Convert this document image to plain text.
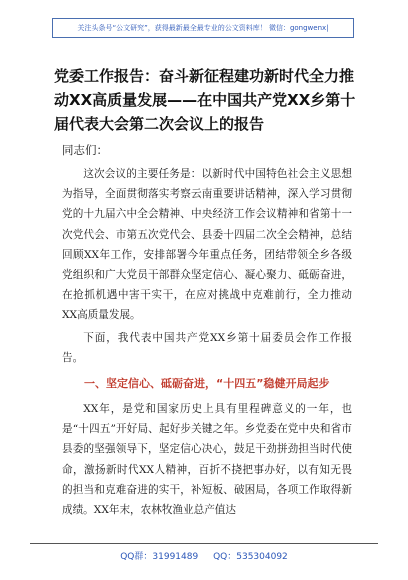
关注头条号“公文研究”，获得最新最全最专业的公文资料库！ 微信：gongwenx|
党委工作报告：奋斗新征程建功新时代全力推动XX高质量发展——在中国共产党XX乡第十届代表大会第二次会议上的报告
同志们：

这次会议的主要任务是：以新时代中国特色社会主义思想为指导，全面贯彻落实考察云南重要讲话精神，深入学习贯彻党的十九届六中全会精神、中央经济工作会议精神和省第十一次党代会、市第五次党代会、县委十四届二次全会精神，总结回顾XX年工作，安排部署今年重点任务，团结带领全乡各级党组织和广大党员干部群众坚定信心、凝心聚力、砥砺奋进，在抢抓机遇中害干实干，在应对挑战中克难前行，全力推动XX高质量发展。

下面，我代表中国共产党XX乡第十届委员会作工作报告。

一、坚定信心、砥砺奋进，“十四五”稳健开局起步

XX年，是党和国家历史上具有里程碑意义的一年，也是“十四五”开好局、起好步关键之年。乡党委在党中央和省市县委的坚强领导下，坚定信心决心，鼓足干劲拼劲担当时代使命，激扬新时代XX人精神，百折不挠把事办好，以有知无畏的担当和克难奋进的实干，补短板、破困局，各项工作取得新成绩。XX年末，农林牧渔业总产值达

QQ群：31991489 QQ：535304092
